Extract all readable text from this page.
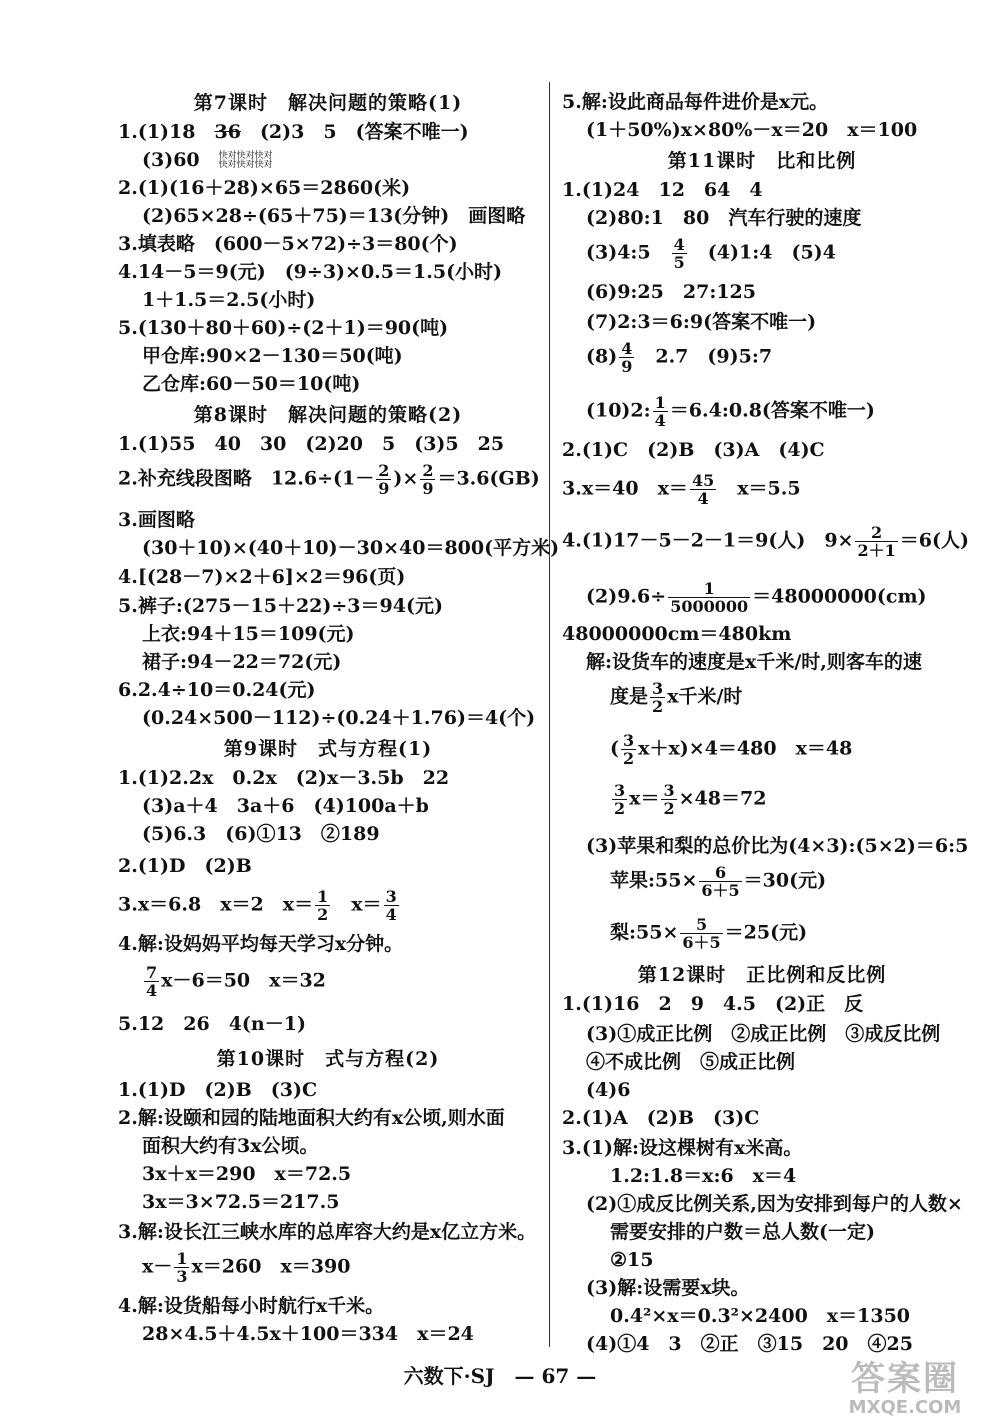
第7课时　解决问题的策略(1)
1.(1)18　36　(2)3　5　(答案不唯一)
(3)60　快对快对快对
快对快对快对
2.(1)(16＋28)×65＝2860(米)
(2)65×28÷(65＋75)＝13(分钟)　画图略
3.填表略　(600－5×72)÷3＝80(个)
4.14－5＝9(元)　(9÷3)×0.5＝1.5(小时)
1＋1.5＝2.5(小时)
5.(130＋80＋60)÷(2＋1)＝90(吨)
甲仓库:90×2－130＝50(吨)
乙仓库:60－50＝10(吨)
第8课时　解决问题的策略(2)
1.(1)55　40　30　(2)20　5　(3)5　25
2.补充线段图略　$12.6\div(1- \frac{2}{9}$ )× $\frac{2}{9} =3.6(GB)$
3.画图略
(30＋10)×(40＋10)－30×40＝800(平方米)
4.[(28－7)×2＋6]×2＝96(页)
5.裤子:(275－15＋22)÷3＝94(元)
上衣:94＋15＝109(元)
裙子:94－22＝72(元)
6.2.4÷10＝0.24(元)
(0.24×500－112)÷(0.24＋1.76)＝4(个)
第9课时　式与方程(1)
1.(1)2.2x　0.2x　(2)x－3.5b　22
(3)a＋4　3a＋6　(4)100a＋b
(5)6.3　(6)①13　②189
2.(1)D　(2)B
3.x＝6.8　x＝2　$x= \frac{1}{2}$ 　$x= \frac{3}{4}$
4.解:设妈妈平均每天学习x分钟。
$\frac{7}{4} x-6=50$　x＝32
5.12　26　4(n－1)
第10课时　式与方程(2)
1.(1)D　(2)B　(3)C
2.解:设颐和园的陆地面积大约有x公顷,则水面
面积大约有3x公顷。
3x＋x＝290　x＝72.5
3x＝3×72.5＝217.5
3.解:设长江三峡水库的总库容大约是x亿立方米。
$x- \frac{1}{3} x=260$　x＝390
4.解:设货船每小时航行x千米。
28×4.5＋4.5x＋100＝334　x＝24
5.解:设此商品每件进价是x元。
(1＋50%)x×80%－x＝20　x＝100
第11课时　比和比例
1.(1)24　12　64　4
(2)80:1　80　汽车行驶的速度
(3)4:5　 $\frac{4}{5}$ 　(4)1:4　(5)4
(6)9:25　27:125
(7)2:3＝6:9(答案不唯一)
$(8) \frac{4}{9}$ 　2.7　(9)5:7
(10)2: $\frac{1}{4}$ ＝6.4:0.8(答案不唯一)
2.(1)C　(2)B　(3)A　(4)C
3.x＝40　$x= \frac{45}{4}$ 　x＝5.5
4.(1)17－5－2－1＝9(人)　$9\times \frac{2}{2+1} =6$(人)
$(2)9.6\div \frac{1}{5000000} =48000000(cm)$
48000000cm＝480km
解:设货车的速度是x千米/时,则客车的速
度是 $\frac{3}{2}$ x千米/时
( $\frac{3}{2} x+x)\times 4=480$　x＝48
$\frac{3}{2} x= \frac{3}{2} \times 48=72$
(3)苹果和梨的总价比为(4×3):(5×2)＝6:5
苹果:55× $\frac{6}{6+5} =30$(元)
梨:55× $\frac{5}{6+5} =25$(元)
第12课时　正比例和反比例
1.(1)16　2　9　4.5　(2)正　反
(3)①成正比例　②成正比例　③成反比例
④不成比例　⑤成正比例
(4)6
2.(1)A　(2)B　(3)C
3.(1)解:设这棵树有x米高。
1.2:1.8＝x:6　x＝4
(2)①成反比例关系,因为安排到每户的人数×
需要安排的户数＝总人数(一定)
②15
(3)解:设需要x块。
0.4²×x＝0.3²×2400　x＝1350
(4)①4　3　②正　③15　20　④25
六数下·SJ　— 67 —	答案圈
MXQE.COM
